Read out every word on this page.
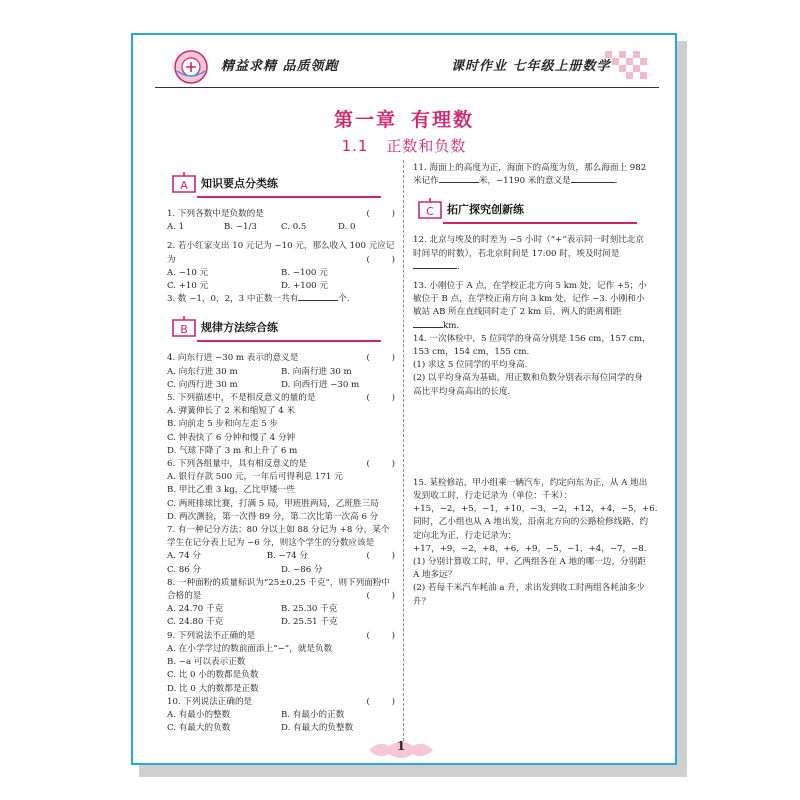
精益求精 品质领跑	课时作业 七年级上册数学
第一章 有理数
1.1 正数和负数
A 知识要点分类练

1. 下列各数中是负数的是	(        )

A. 1	B. −1/3	C. 0.5	D. 0

2. 若小红家支出 10 元记为 −10 元，那么收入 100 元应记为	(        )

A. −10 元	B. −100 元
C. +10 元	D. +100 元

3. 数 −1，0，2，3 中正数一共有	个.

B 规律方法综合练

4. 向东行进 −30 m 表示的意义是	(        )

A. 向东行进 30 m	B. 向南行进 30 m
C. 向西行进 30 m	D. 向西行进 −30 m

5. 下列描述中，不是相反意义的量的是	(        )

A. 弹簧伸长了 2 米和缩短了 4 米

B. 向前走 5 步和向左走 5 步

C. 钟表快了 6 分钟和慢了 4 分钟

D. 气球下降了 3 m 和上升了 6 m

6. 下列各组量中，具有相反意义的是	(        )

A. 银行存款 500 元，一年后可得利息 171 元

B. 甲比乙重 3 kg，乙比甲矮一些

C. 两班排球比赛，打满 5 局，甲班胜两局，乙班胜三局

D. 两次测验，第一次得 89 分，第二次比第一次高 6 分

7. 有一种记分方法：80 分以上如 88 分记为 +8 分，某个学生在记分表上记为 −6 分，则这个学生的分数应该是
(        )

A. 74 分	B. −74 分
C. 86 分	D. −86 分

8. 一种面粉的质量标识为“25±0.25 千克”，则下列面粉中合格的是	(        )

A. 24.70 千克	B. 25.30 千克
C. 24.80 千克	D. 25.51 千克

9. 下列说法不正确的是	(        )

A. 在小学学过的数前面添上“−”，就是负数

B. −a 可以表示正数

C. 比 0 小的数都是负数

D. 比 0 大的数都是正数

10. 下列说法正确的是	(        )

A. 有最小的整数	B. 有最小的正数
C. 有最大的负数	D. 有最大的负整数

11. 海面上的高度为正，海面下的高度为负，那么海面上 982 米记作	米，−1190 米的意义是	.

C 拓广探究创新练

12. 北京与埃及的时差为 −5 小时（“+”表示同一时刻比北京时间早的时数），若北京时间是 17:00 时，埃及时间是.

13. 小刚位于 A 点，在学校正北方向 5 km 处，记作 +5；小敏位于 B 点，在学校正南方向 3 km 处，记作 −3. 小刚和小敏站 AB 所在直线同时走了 2 km 后，两人的距离相距km.

14. 一次体检中，5 位同学的身高分别是 156 cm，157 cm，153 cm，154 cm，155 cm.

(1) 求这 5 位同学的平均身高.

(2) 以平均身高为基础，用正数和负数分别表示每位同学的身高比平均身高高出的长度.

15. 某检修站，甲小组乘一辆汽车，约定向东为正，从 A 地出发到收工时，行走记录为（单位：千米）：+15，−2，+5，−1，+10，−3，−2，+12，+4，−5，+6. 同时，乙小组也从 A 地出发，沿南北方向的公路检修线路，约定向北为正，行走记录为：+17，+9，−2，+8，+6，+9，−5，−1，+4，−7，−8.

(1) 分别计算收工时，甲、乙两组各在 A 地的哪一边，分别距 A 地多远？

(2) 若每千米汽车耗油 a 升，求出发到收工时两组各耗油多少升？

1
